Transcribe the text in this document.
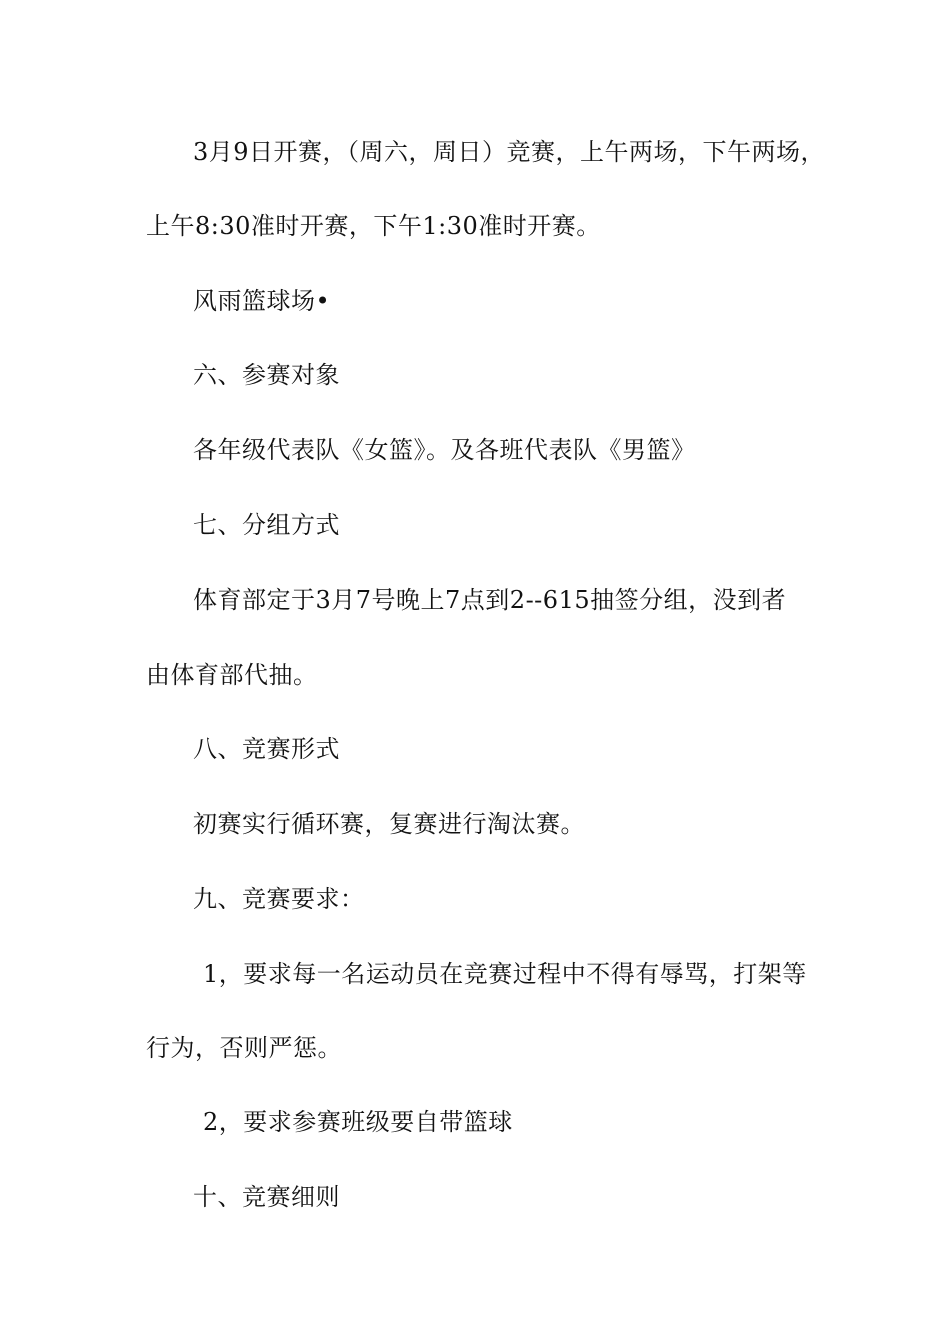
3月9日开赛，（周六，周日）竞赛，上午两场，下午两场，
上午8:30准时开赛，下午1:30准时开赛。
风雨篮球场•
六、参赛对象
各年级代表队《女篮》。及各班代表队《男篮》
七、分组方式
体育部定于3月7号晚上7点到2--615抽签分组，没到者
由体育部代抽。
八、竞赛形式
初赛实行循环赛，复赛进行淘汰赛。
九、竞赛要求：
1，要求每一名运动员在竞赛过程中不得有辱骂，打架等
行为，否则严惩。
2，要求参赛班级要自带篮球
十、竞赛细则
